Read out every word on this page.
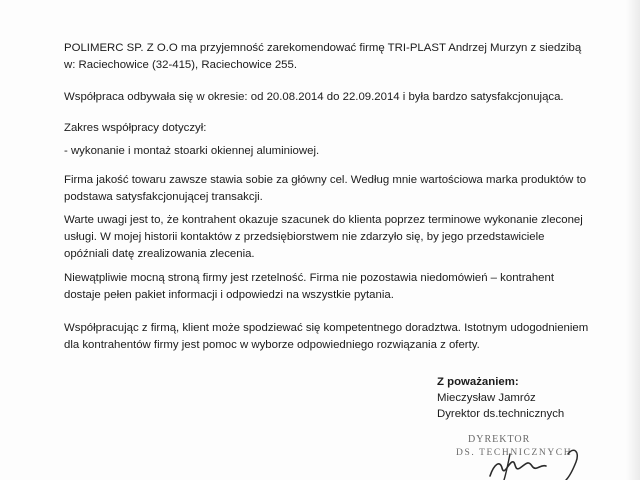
POLIMERC SP. Z O.O ma przyjemność zarekomendować firmę TRI-PLAST Andrzej Murzyn z siedzibą
w: Raciechowice (32-415), Raciechowice 255.

Współpraca odbywała się w okresie: od 20.08.2014 do 22.09.2014 i była bardzo satysfakcjonująca.

Zakres współpracy dotyczył:

- wykonanie i montaż stoarki okiennej aluminiowej.

Firma jakość towaru zawsze stawia sobie za główny cel. Według mnie wartościowa marka produktów to
podstawa satysfakcjonującej transakcji.

Warte uwagi jest to, że kontrahent okazuje szacunek do klienta poprzez terminowe wykonanie zleconej
usługi. W mojej historii kontaktów z przedsiębiorstwem nie zdarzyło się, by jego przedstawiciele
opóźniali datę zrealizowania zlecenia.

Niewątpliwie mocną stroną firmy jest rzetelność. Firma nie pozostawia niedomówień – kontrahent
dostaje pełen pakiet informacji i odpowiedzi na wszystkie pytania.

Współpracując z firmą, klient może spodziewać się kompetentnego doradztwa. Istotnym udogodnieniem
dla kontrahentów firmy jest pomoc w wyborze odpowiedniego rozwiązania z oferty.

Z poważaniem:

Mieczysław Jamróz

Dyrektor ds.technicznych

DYREKTOR
DS. TECHNICZNYCH
